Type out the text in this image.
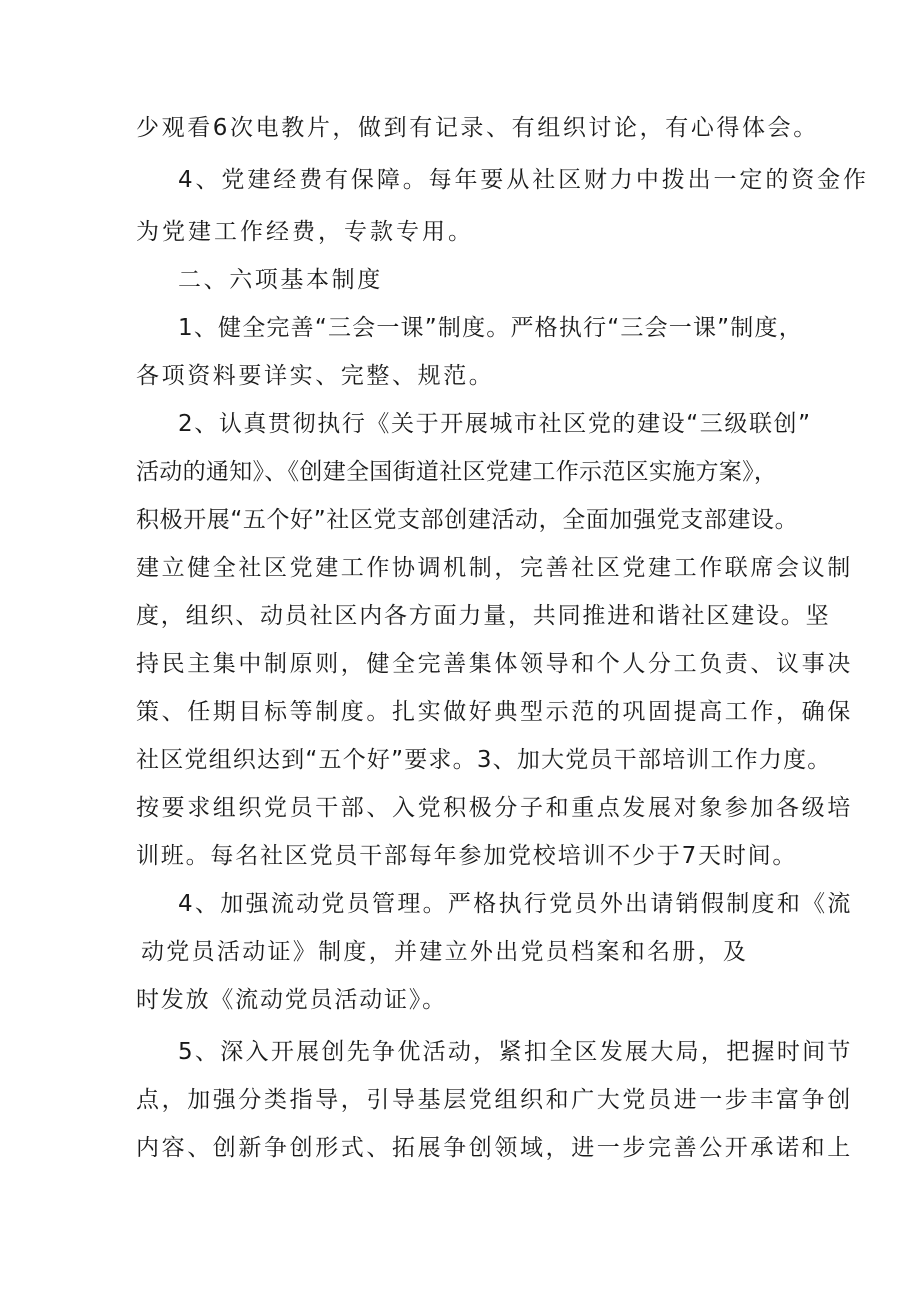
少观看6次电教片，做到有记录、有组织讨论，有心得体会。
4、党建经费有保障。每年要从社区财力中拨出一定的资金作
为党建工作经费，专款专用。
二、六项基本制度
1、健全完善“三会一课”制度。严格执行“三会一课”制度，
各项资料要详实、完整、规范。
2、认真贯彻执行《关于开展城市社区党的建设“三级联创”
活动的通知》、《创建全国街道社区党建工作示范区实施方案》，
积极开展“五个好”社区党支部创建活动，全面加强党支部建设。
建立健全社区党建工作协调机制，完善社区党建工作联席会议制
度，组织、动员社区内各方面力量，共同推进和谐社区建设。坚
持民主集中制原则，健全完善集体领导和个人分工负责、议事决
策、任期目标等制度。扎实做好典型示范的巩固提高工作，确保
社区党组织达到“五个好”要求。3、加大党员干部培训工作力度。
按要求组织党员干部、入党积极分子和重点发展对象参加各级培
训班。每名社区党员干部每年参加党校培训不少于7天时间。
4、加强流动党员管理。严格执行党员外出请销假制度和《流
动党员活动证》制度，并建立外出党员档案和名册，及
时发放《流动党员活动证》。
5、深入开展创先争优活动，紧扣全区发展大局，把握时间节
点，加强分类指导，引导基层党组织和广大党员进一步丰富争创
内容、创新争创形式、拓展争创领域，进一步完善公开承诺和上
